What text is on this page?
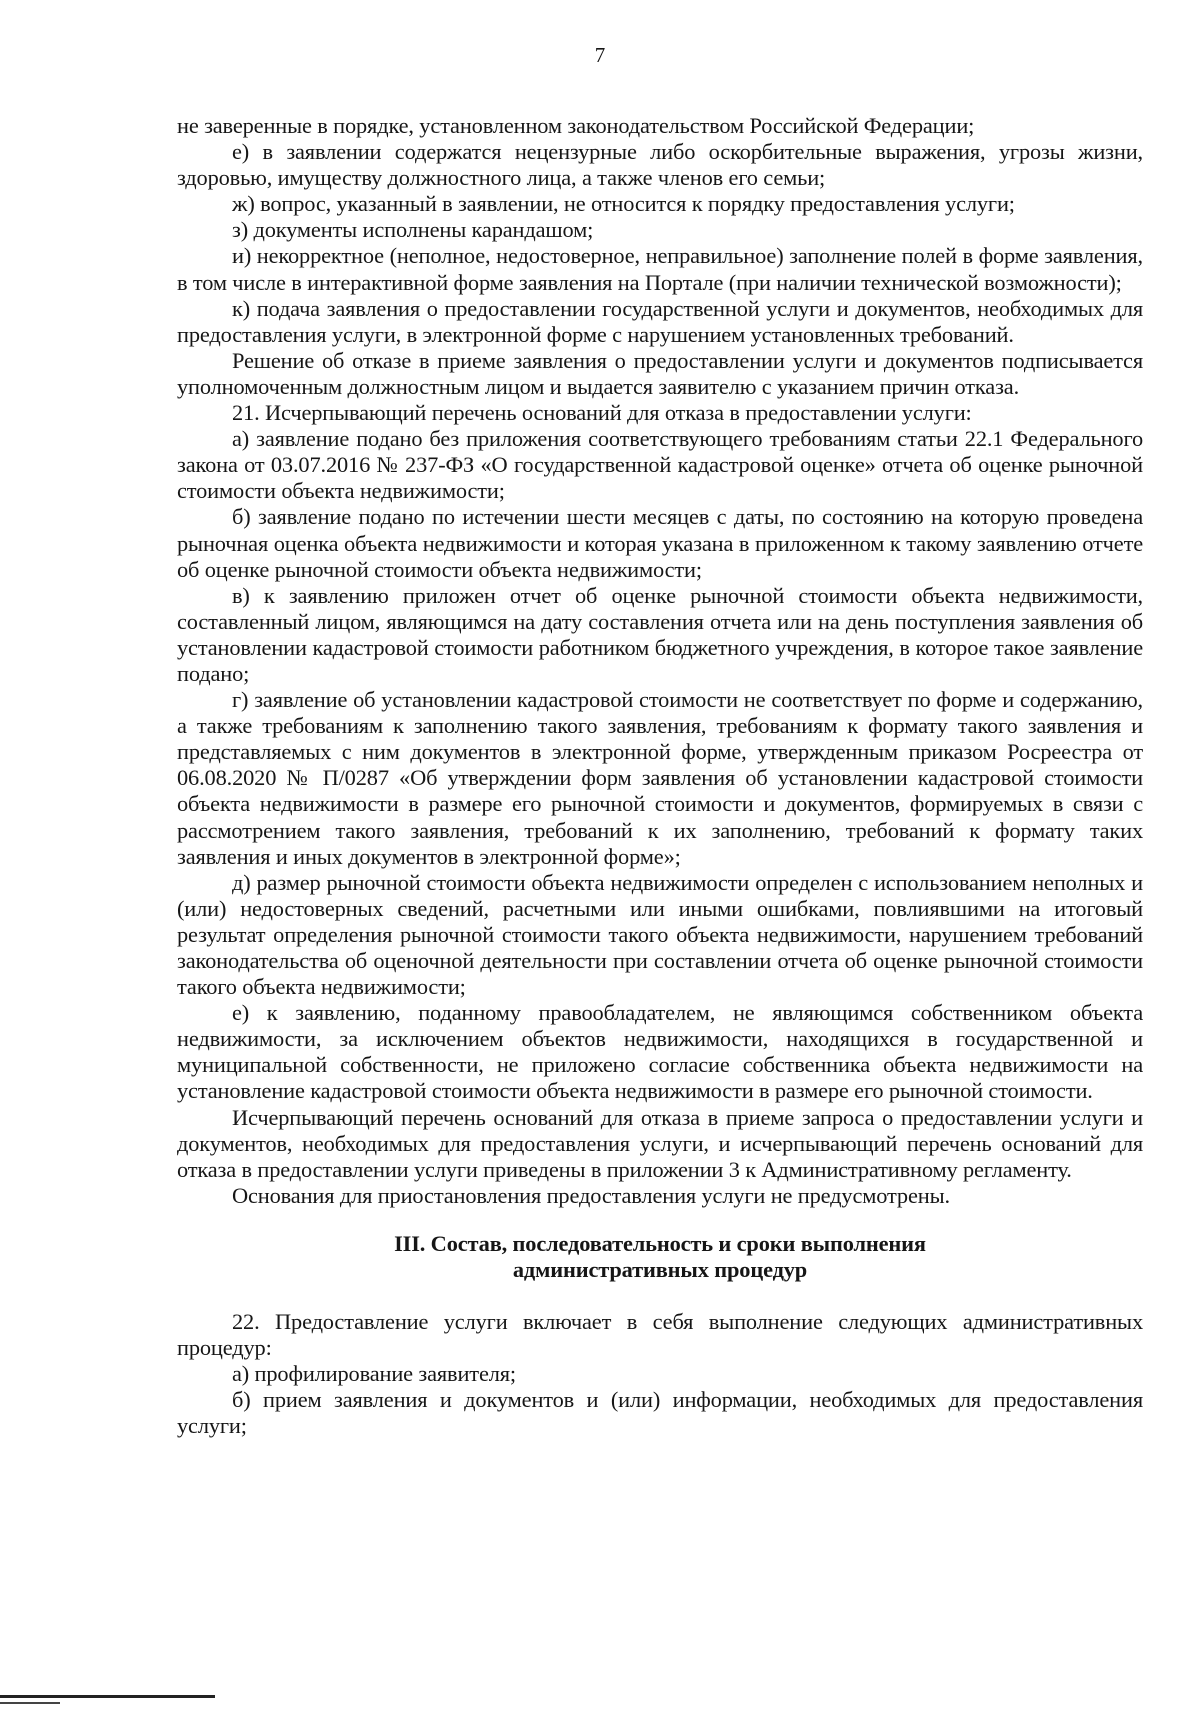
7

не заверенные в порядке, установленном законодательством Российской Федерации;

е) в заявлении содержатся нецензурные либо оскорбительные выражения, угрозы жизни, здоровью, имуществу должностного лица, а также членов его семьи;

ж) вопрос, указанный в заявлении, не относится к порядку предоставления услуги;

з) документы исполнены карандашом;

и) некорректное (неполное, недостоверное, неправильное) заполнение полей в форме заявления, в том числе в интерактивной форме заявления на Портале (при наличии технической возможности);

к) подача заявления о предоставлении государственной услуги и документов, необходимых для предоставления услуги, в электронной форме с нарушением установленных требований.

Решение об отказе в приеме заявления о предоставлении услуги и документов подписывается уполномоченным должностным лицом и выдается заявителю с указанием причин отказа.

21. Исчерпывающий перечень оснований для отказа в предоставлении услуги:

а) заявление подано без приложения соответствующего требованиям статьи 22.1 Федерального закона от 03.07.2016 № 237-ФЗ «О государственной кадастровой оценке» отчета об оценке рыночной стоимости объекта недвижимости;

б) заявление подано по истечении шести месяцев с даты, по состоянию на которую проведена рыночная оценка объекта недвижимости и которая указана в приложенном к такому заявлению отчете об оценке рыночной стоимости объекта недвижимости;

в) к заявлению приложен отчет об оценке рыночной стоимости объекта недвижимости, составленный лицом, являющимся на дату составления отчета или на день поступления заявления об установлении кадастровой стоимости работником бюджетного учреждения, в которое такое заявление подано;

г) заявление об установлении кадастровой стоимости не соответствует по форме и содержанию, а также требованиям к заполнению такого заявления, требованиям к формату такого заявления и представляемых с ним документов в электронной форме, утвержденным приказом Росреестра от 06.08.2020 № П/0287 «Об утверждении форм заявления об установлении кадастровой стоимости объекта недвижимости в размере его рыночной стоимости и документов, формируемых в связи с рассмотрением такого заявления, требований к их заполнению, требований к формату таких заявления и иных документов в электронной форме»;

д) размер рыночной стоимости объекта недвижимости определен с использованием неполных и (или) недостоверных сведений, расчетными или иными ошибками, повлиявшими на итоговый результат определения рыночной стоимости такого объекта недвижимости, нарушением требований законодательства об оценочной деятельности при составлении отчета об оценке рыночной стоимости такого объекта недвижимости;

е) к заявлению, поданному правообладателем, не являющимся собственником объекта недвижимости, за исключением объектов недвижимости, находящихся в государственной и муниципальной собственности, не приложено согласие собственника объекта недвижимости на установление кадастровой стоимости объекта недвижимости в размере его рыночной стоимости.

Исчерпывающий перечень оснований для отказа в приеме запроса о предоставлении услуги и документов, необходимых для предоставления услуги, и исчерпывающий перечень оснований для отказа в предоставлении услуги приведены в приложении 3 к Административному регламенту.

Основания для приостановления предоставления услуги не предусмотрены.

III. Состав, последовательность и сроки выполнения
административных процедур

22. Предоставление услуги включает в себя выполнение следующих административных процедур:

а) профилирование заявителя;

б) прием заявления и документов и (или) информации, необходимых для предоставления услуги;
